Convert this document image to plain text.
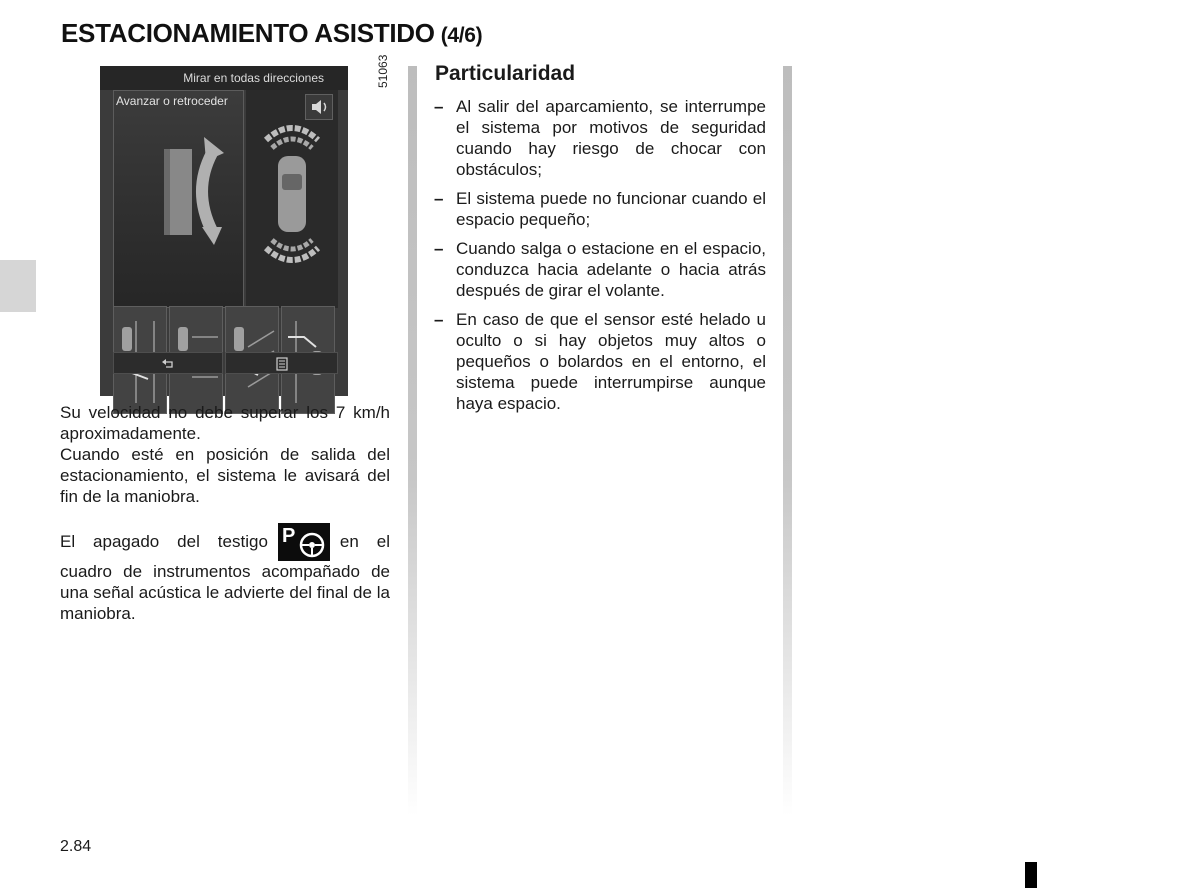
ESTACIONAMIENTO ASISTIDO (4/6)
Mirar en todas direcciones
Avanzar o retroceder
51063

Su velocidad no debe superar los 7 km/h aproximadamente.
Cuando esté en posición de salida del estacionamiento, el sistema le avisará del fin de la maniobra.

El apagado del testigo P	en el cuadro de instrumentos acompañado de una señal acústica le advierte del final de la maniobra.

Particularidad
– Al salir del aparcamiento, se interrumpe el sistema por motivos de seguridad cuando hay riesgo de chocar con obstáculos;
– El sistema puede no funcionar cuando el espacio pequeño;
– Cuando salga o estacione en el espacio, conduzca hacia adelante o hacia atrás después de girar el volante.
– En caso de que el sensor esté helado u oculto o si hay objetos muy altos o pequeños o bolardos en el entorno, el sistema puede interrumpirse aunque haya espacio.
2.84
